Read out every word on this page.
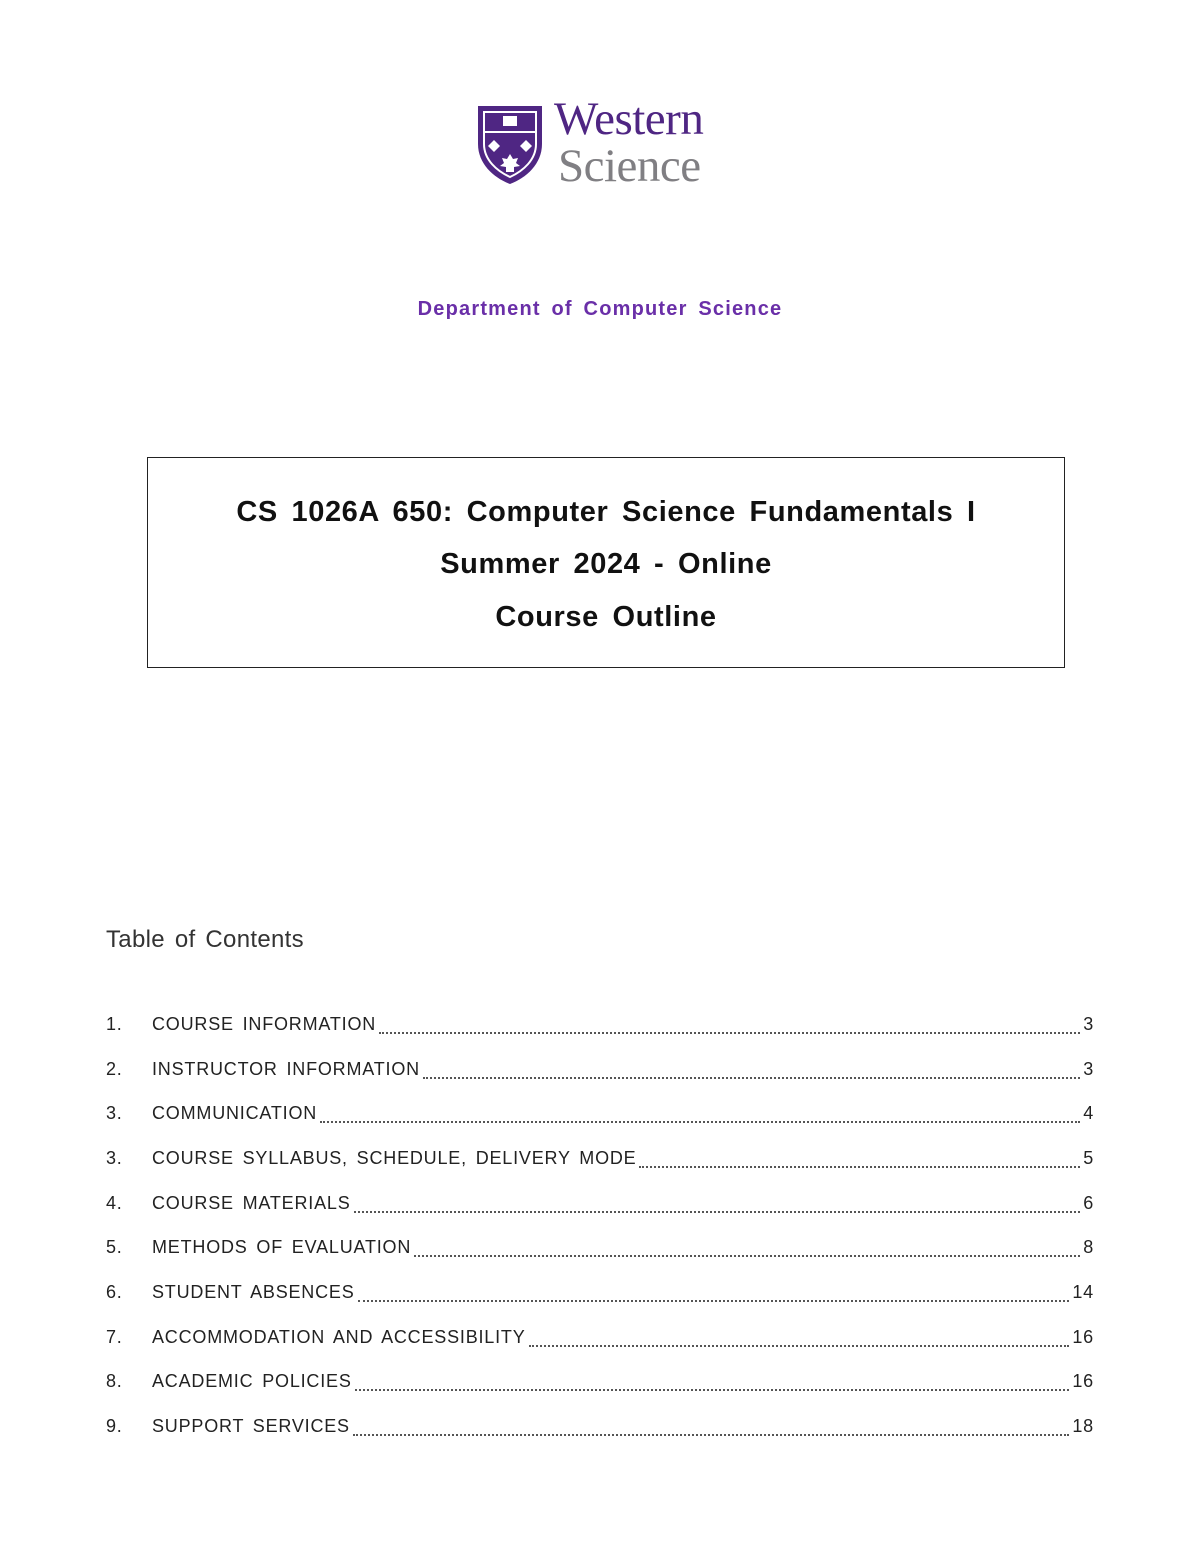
Western
Science
Department of Computer Science
CS 1026A 650: Computer Science Fundamentals I
Summer 2024 - Online
Course Outline
Table of Contents
1.	COURSE INFORMATION	3
2.	INSTRUCTOR INFORMATION	3
3.	COMMUNICATION	4
3.	COURSE SYLLABUS, SCHEDULE, DELIVERY MODE	5
4.	COURSE MATERIALS	6
5.	METHODS OF EVALUATION	8
6.	STUDENT ABSENCES	14
7.	ACCOMMODATION AND ACCESSIBILITY	16
8.	ACADEMIC POLICIES	16
9.	SUPPORT SERVICES	18
